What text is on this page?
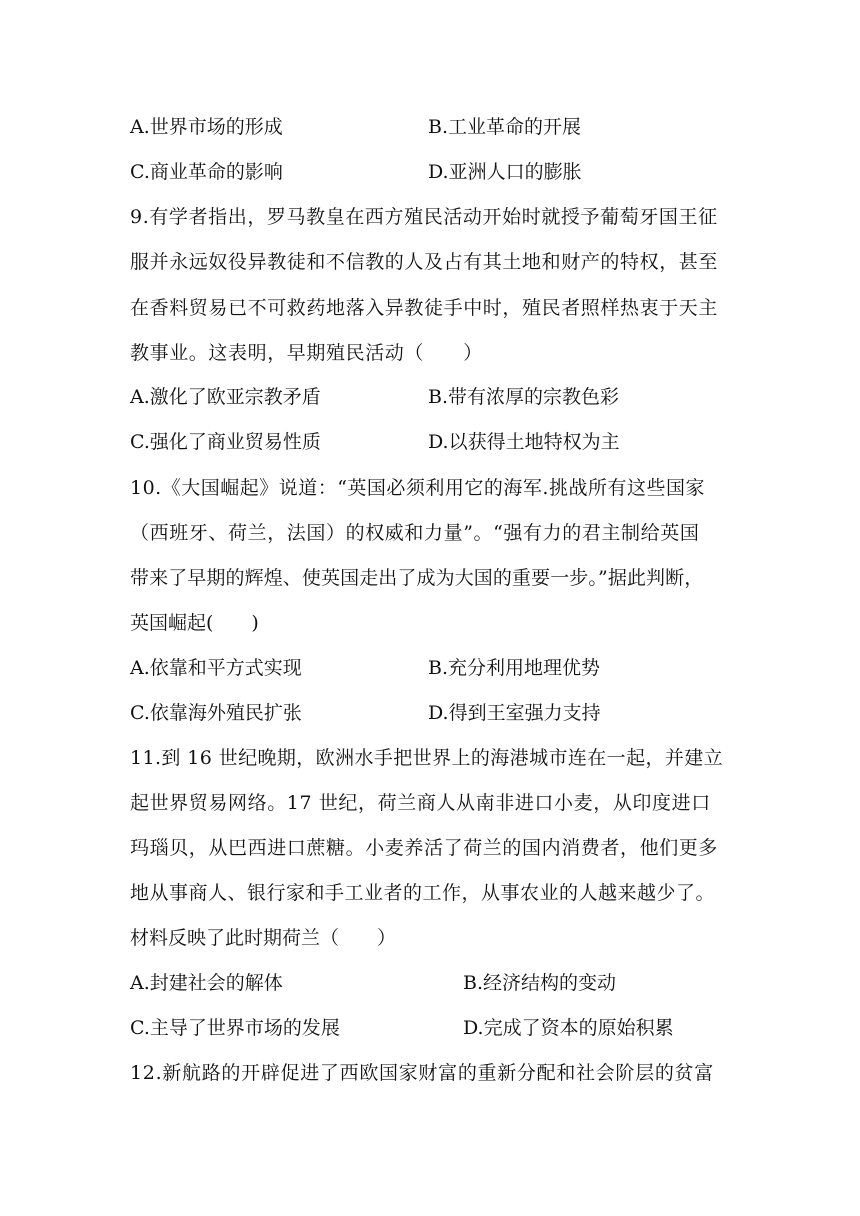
A.世界市场的形成	B.工业革命的开展
C.商业革命的影响	D.亚洲人口的膨胀
9.有学者指出，罗马教皇在西方殖民活动开始时就授予葡萄牙国王征
服并永远奴役异教徒和不信教的人及占有其土地和财产的特权，甚至
在香料贸易已不可救药地落入异教徒手中时，殖民者照样热衷于天主
教事业。这表明，早期殖民活动（　　）
A.激化了欧亚宗教矛盾	B.带有浓厚的宗教色彩
C.强化了商业贸易性质	D.以获得土地特权为主
10.《大国崛起》说道：“英国必须利用它的海军.挑战所有这些国家
（西班牙、荷兰，法国）的权威和力量”。“强有力的君主制给英国
带来了早期的辉煌、使英国走出了成为大国的重要一步。”据此判断，
英国崛起(　　)
A.依靠和平方式实现	B.充分利用地理优势
C.依靠海外殖民扩张	D.得到王室强力支持
11.到 16 世纪晚期，欧洲水手把世界上的海港城市连在一起，并建立
起世界贸易网络。17 世纪，荷兰商人从南非进口小麦，从印度进口
玛瑙贝，从巴西进口蔗糖。小麦养活了荷兰的国内消费者，他们更多
地从事商人、银行家和手工业者的工作，从事农业的人越来越少了。
材料反映了此时期荷兰（　　）
A.封建社会的解体	B.经济结构的变动
C.主导了世界市场的发展	D.完成了资本的原始积累
12.新航路的开辟促进了西欧国家财富的重新分配和社会阶层的贫富
